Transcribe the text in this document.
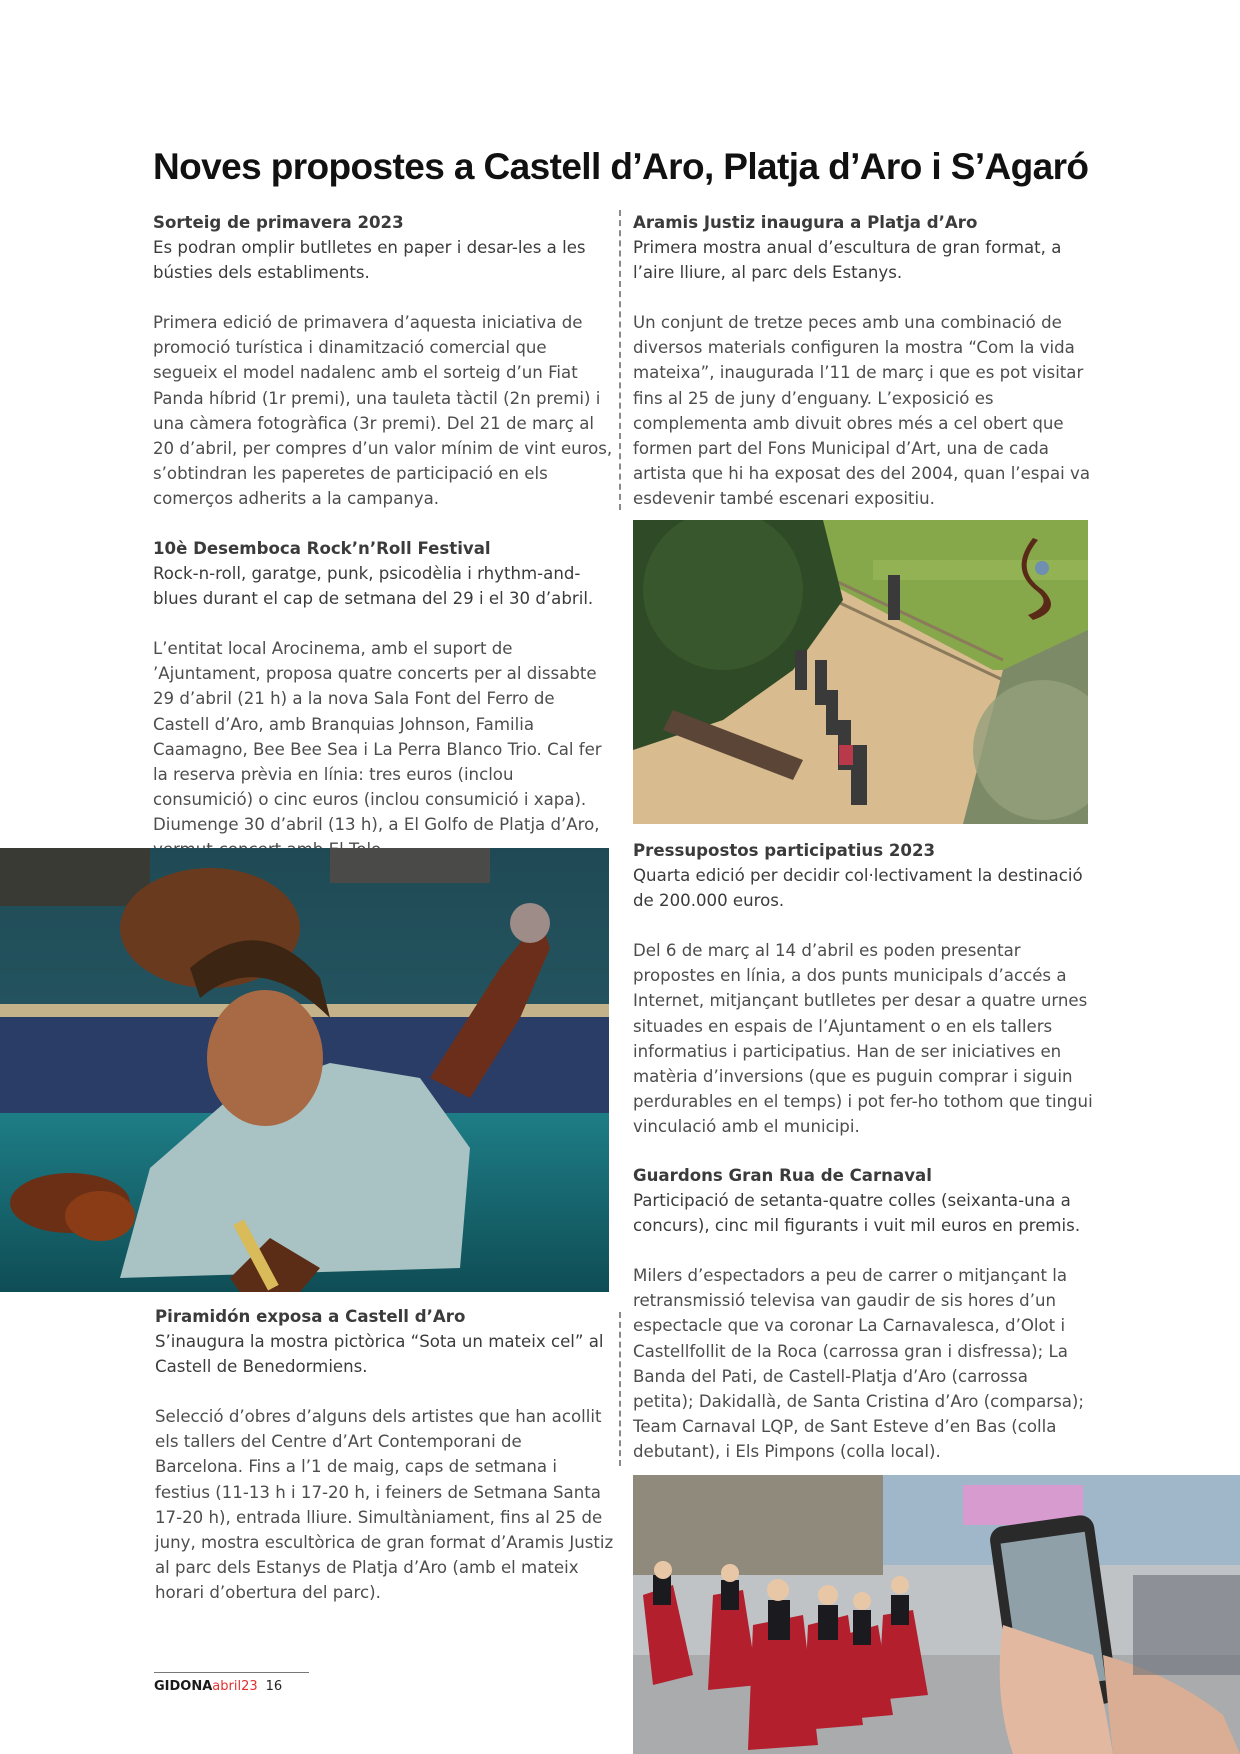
Noves propostes a Castell d’Aro, Platja d’Aro i S’Agaró

Sorteig de primavera 2023

Es podran omplir butlletes en paper i desar-les a les bústies dels establiments.

Primera edició de primavera d’aquesta iniciativa de promoció turística i dinamització comercial que segueix el model nadalenc amb el sorteig d’un Fiat Panda híbrid (1r premi), una tauleta tàctil (2n premi) i una càmera fotogràfica (3r premi). Del 21 de març al 20 d’abril, per compres d’un valor mínim de vint euros, s’obtindran les paperetes de participació en els comerços adherits a la campanya.

10è Desemboca Rock’n’Roll Festival

Rock-n-roll, garatge, punk, psicodèlia i rhythm-and-blues durant el cap de setmana del 29 i el 30 d’abril.

L’entitat local Arocinema, amb el suport de ’Ajuntament, proposa quatre concerts per al dissabte 29 d’abril (21 h) a la nova Sala Font del Ferro de Castell d’Aro, amb Branquias Johnson, Familia Caamagno, Bee Bee Sea i La Perra Blanco Trio. Cal fer la reserva prèvia en línia: tres euros (inclou consumició) o cinc euros (inclou consumició i xapa). Diumenge 30 d’abril (13 h), a El Golfo de Platja d’Aro,

Piramidón exposa a Castell d’Aro

S’inaugura la mostra pictòrica “Sota un mateix cel” al Castell de Benedormiens.

Selecció d’obres d’alguns dels artistes que han acollit els tallers del Centre d’Art Contemporani de Barcelona. Fins a l’1 de maig, caps de setmana i festius (11-13 h i 17-20 h, i feiners de Setmana Santa 17-20 h), entrada lliure. Simultàniament, fins al 25 de juny, mostra escultòrica de gran format d’Aramis Justiz al parc dels Estanys de Platja d’Aro (amb el mateix horari d’obertura del parc).

Aramis Justiz inaugura a Platja d’Aro

Primera mostra anual d’escultura de gran format, a l’aire lliure, al parc dels Estanys.

Un conjunt de tretze peces amb una combinació de diversos materials configuren la mostra “Com la vida mateixa”, inaugurada l’11 de març i que es pot visitar fins al 25 de juny d’enguany. L’exposició es complementa amb divuit obres més a cel obert que formen part del Fons Municipal d’Art, una de cada artista que hi ha exposat des del 2004, quan l’espai va esdevenir també escenari expositiu.

Pressupostos participatius 2023

Quarta edició per decidir col·lectivament la destinació de 200.000 euros.

Del 6 de març al 14 d’abril es poden presentar propostes en línia, a dos punts municipals d’accés a Internet, mitjançant butlletes per desar a quatre urnes situades en espais de l’Ajuntament o en els tallers informatius i participatius. Han de ser iniciatives en matèria d’inversions (que es puguin comprar i siguin perdurables en el temps) i pot fer-ho tothom que tingui vinculació amb el municipi.

Guardons Gran Rua de Carnaval

Participació de setanta-quatre colles (seixanta-una a concurs), cinc mil figurants i vuit mil euros en premis.

Milers d’espectadors a peu de carrer o mitjançant la retransmissió televisa van gaudir de sis hores d’un espectacle que va coronar La Carnavalesca, d’Olot i Castellfollit de la Roca (carrossa gran i disfressa); La Banda del Pati, de Castell-Platja d’Aro (carrossa petita); Dakidallà, de Santa Cristina d’Aro (comparsa); Team Carnaval LQP, de Sant Esteve d’en Bas (colla debutant), i Els Pimpons (colla local).

GIDONAabril23 16
